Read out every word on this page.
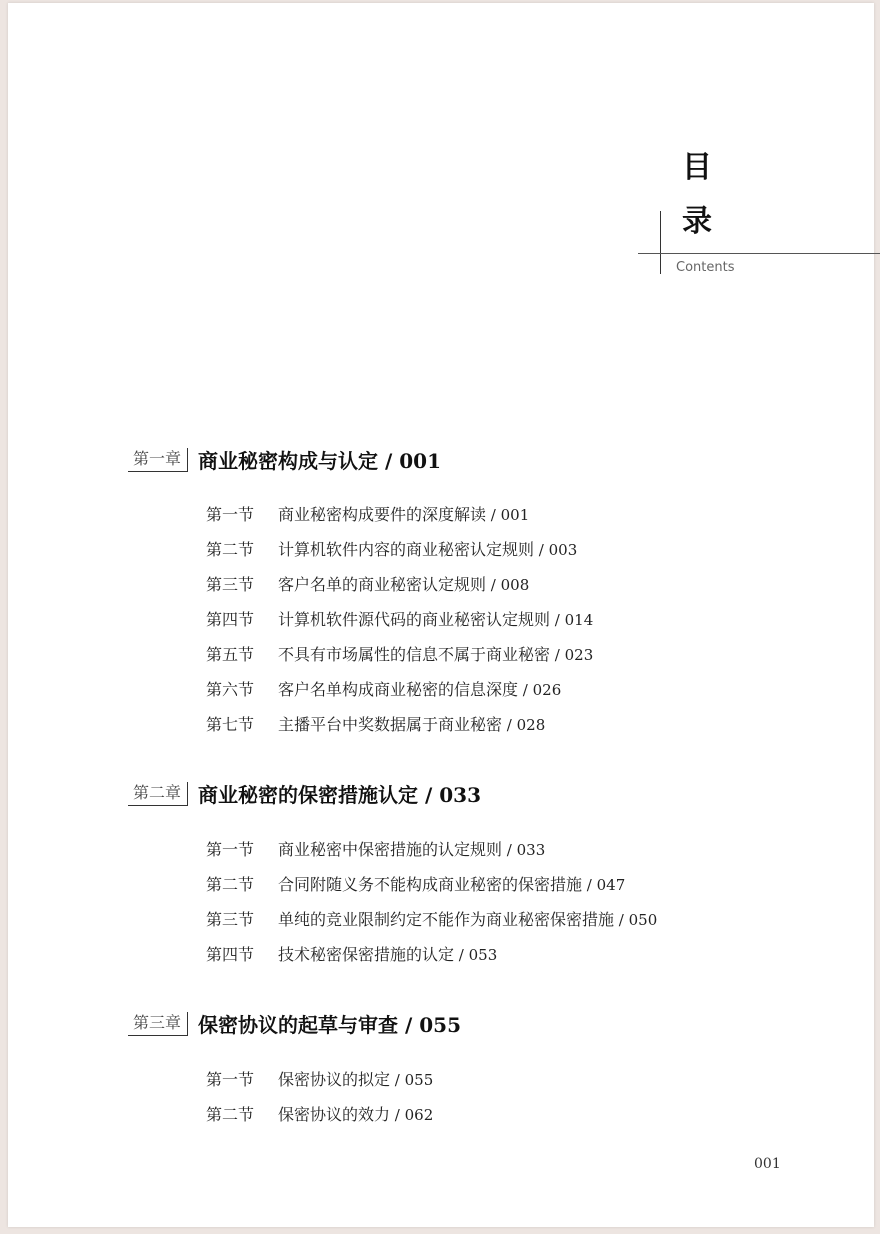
目
录
Contents
第一章 商业秘密构成与认定 / 001
第一节 商业秘密构成要件的深度解读 / 001
第二节 计算机软件内容的商业秘密认定规则 / 003
第三节 客户名单的商业秘密认定规则 / 008
第四节 计算机软件源代码的商业秘密认定规则 / 014
第五节 不具有市场属性的信息不属于商业秘密 / 023
第六节 客户名单构成商业秘密的信息深度 / 026
第七节 主播平台中奖数据属于商业秘密 / 028
第二章 商业秘密的保密措施认定 / 033
第一节 商业秘密中保密措施的认定规则 / 033
第二节 合同附随义务不能构成商业秘密的保密措施 / 047
第三节 单纯的竞业限制约定不能作为商业秘密保密措施 / 050
第四节 技术秘密保密措施的认定 / 053
第三章 保密协议的起草与审查 / 055
第一节 保密协议的拟定 / 055
第二节 保密协议的效力 / 062
001
